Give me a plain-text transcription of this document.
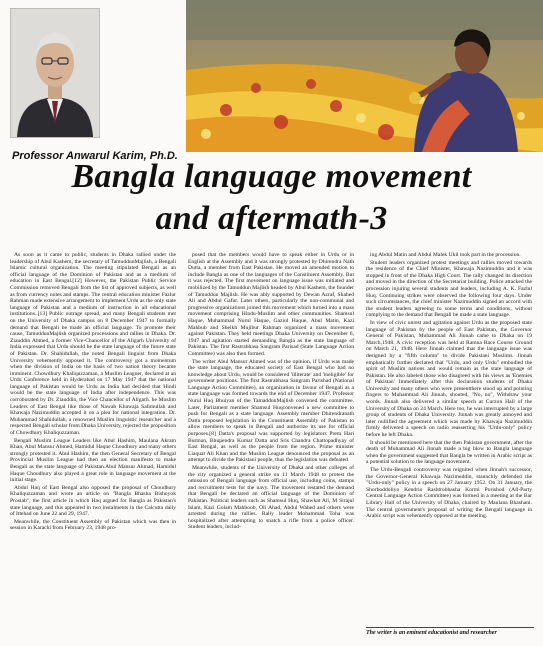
Professor Anwarul Karim, Ph.D.
Bangla language movement
and aftermath-3

As soon as it came to public, students in Dhaka rallied under the leadership of Abul Kashem, the secretary of TamuddunMajlish, a Bengali Islamic cultural organization. The meeting stipulated Bengali as an official language of the Dominion of Pakistan and as a medium of education in East Bengal.[12] However, the Pakistan Public Service Commission removed Bengali from the list of approved subjects, as well as from currency notes and stamps. The central education minister Fazlur Rahman made extensive arrangement to implement Urdu as the only state language of Pakistan and a medium of instruction in all educational institutions..[13] Public outrage spread, and many Bengali students met on the University of Dhaka campus on 8 December 1947 to formally demand that Bengali be made an official language. To promote their cause, TamuddunMajlish organized processions and rallies in Dhaka. Dr. Ziauddin Ahmed, a former Vice-Chancellor of the Aligarh University of India expressed that Urdu should be the state language of the future state of Pakistan. Dr. Shahidullah, the noted Bengali linguist from Dhaka University vehemently opposed it. The controversy got a momentum when the division of India on the basis of two nation theory became imminent. Chowdhury Khaliquzzaman, a Muslim Leaguer, declared at an Urdu Conference held in Hyderabad on 17 May 1947 that the national language of Pakistan would be Urdu as India had decided that Hindi would be the state language of India after independence. This was corroborated by Dr. Ziauddin, the Vice Chancellor of Aligarh. he Muslim Leaders of East Bengal like those of Nawab Khawaja Salimullah and Khawaja Nazimuddin accepted it on a plea for national integration. Dr. Muhammad Shahidullah, a renowned Muslim linguistic researcher and a respected Bengali scholar from Dhaka University, rejected the proposition of Chowdhury Khaliquzzaman.

Bengali Muslim League Leaders like Abul Hashim, Maulana Akram Khan, Abul Mansur Ahmed, Hamidul Haque Choudhury and many others strongly protested it. Abul Hashim, the then General Secretary of Bengal Provincial Muslim League had then an election manifesto to make Bengali as the state language of Pakistan.Abul Mansur Ahmad, Hamidul Haque Choudhury also played a great role in language movement at the initial stage.

Abdul Haq of East Bengal also opposed the proposal of Choudhury Khaliquzzaman and wrote an article on "Bangla Bhasha Bishoyok Prostab", the first article in which Haq argued for Bangla as Pakistan's state language, and this appeared in two instalments in the Calcutta daily of Ittehad on June 22 and 29, 1947.

Meanwhile, the Constituent Assembly of Pakistan which was then in session in Karachi from February 23, 1948 pro-

posed that the members would have to speak either in Urdu or in English at the Assembly and it was strongly protested by Dhirendra Nath Dutta, a member from East Pakistan. He moved an amended motion to include Bangla as one of the languages of the Constituent Assembly. But it was rejected. The first movement on language issue was initiated and mobilized by the Tamuddun Majlish headed by Abul Kashem, the founder of Tamuddun Majlish. He was ably supported by Dewan Azraf, Shahed Ali and Abdul Gafur. Later others, particularly the non-communal and progressive organizations joined this movement which turned into a mass movement comprising Hindu-Muslim and other communities. Shamsul Haque, Muhammad Nurul Haque, Gaziul Haque, Abul Matin, Kazi Mahbub and Sheikh Mujibur Rahman organized a mass movement against Pakistan. They held meetings Dhaka University on December 6, 1947 and agitation started demanding Bangla as the state language of Pakistan. The first Rastrabhasa Sangram Parisad (State Language Action Committee) was also then formed.

The writer Abul Mansur Ahmed was of the opinion, if Urdu was made the state language, the educated society of East Bengal who had no knowledge about Urdu, would be considered 'illiterate' and 'ineligible' for government positions. The first Rastrabhasa Sangram Parishad (National Language Action Committee), an organization in favour of Bengali as a state language was formed towards the end of December 1947. Professor Nurul Huq Bhuiyan of the TamaddunMajlish convened the committee. Later, Parliament member Shamsul Huqconvened a new committee to push for Bengali as a state language. Assembly member Dhirendranath Datta proposed legislation in the Constituent Assembly of Pakistan to allow members to speak in Bengali and authorize its use for official purposes.[8] Datta's proposal was supported by legislators Prem Hari Burman, Bhupendra Kumar Datta and Sris Chandra Chattopadhyay of East Bengal, as well as the people from the region. Prime minister Liaquat Ali Khan and the Muslim League denounced the proposal as an attempt to divide the Pakistani people, thus the legislation was defeated

Meanwhile, students of the University of Dhaka and other colleges of the city organized a general strike on 11 March 1948 to protest the omission of Bengali language from official use, including coins, stamps and recruitment tests for the navy. The movement restated the demand that Bengali be declared an official language of the Dominion of Pakistan. Political leaders such as Shamsul Huq, Shawkat Ali, M Sirajul Islam, Kazi Golam Mahboob, Oli Ahad, Abdul Wahed and others were arrested during the rallies. Rally leader Mohammad Toha was hospitalized after attempting to snatch a rifle from a police officer. Student leaders, includ-

ing Abdul Matin and Abdul Malek Ukil took part in the procession.

Student leaders organized protest meetings and rallies moved towards the residence of the Chief Minister, Khawaja Nazimuddin and it was stopped in front of the Dhaka High Court. The rally changed its direction and moved in the direction of the Secretariat building. Police attacked the procession injuring several students and leaders, including A. K. Fazlul Huq. Continuing strikes were observed the following four days. Under such circumstances, the chief minister Nazimuddin signed an accord with the student leaders agreeing to some terms and conditions, without complying to the demand that Bengali be made a state language.

In view of civic unrest and agitation against Urdu as the proposed state language of Pakistan by the people of East Pakistan, the Governor General of Pakistan, Muhammad Ali Jinnah came to Dhaka on 19 March,1948. A civic reception was held at Ramna Race Course Ground on March 21, 1948. Here Jinnah claimed that the language issue was designed by a "fifth column" to divide Pakistani Muslims. Jinnah emphatically further declared that "Urdu, and only Urdu" embodied the spirit of Muslim nations and would remain as the state language of Pakistan. He also labeled those who disagreed with his views as 'Enemies of Pakistan' Immediately after this declaration students of Dhaka University and many others who were presentthere stood up and pointing fingers to Muhammad Ali Jinnah, shouted, "No, no", Withdraw your words. Jinnah also delivered a similar speech at Curzon Hall of the University of Dhaka on 24 March. Here too, he was interrupted by a large group of students of Dhaka University. Jinnah was greatly annoyed and later nullified the agreement which was made by Khawaja Nazimuddin firmly delivered a speech on radio reasserting his "Urdu-only" policy before he left Dhaka.

It should be mentioned here that the then Pakistan government, after the death of Muhammad Ali Jinnah made a big blow to Bangla language when the government suggested that Bangla be written in Arabic script as a potential solution to the language movement.

The Urdu-Bengali controversy was reignited when Jinnah's successor, the Governor-General Khawaja Nazimuddin, staunchly defended the "Urdu-only" policy in a speech on 27 January 1952. On 31 January, the Shorboddoliyo Kendrio Rashtrobhasha Kormi Porishod (All-Party Central Language Action Committee) was formed in a meeting at the Bar Library Hall of the University of Dhaka, chaired by Maulana Bhashani. The central government's proposal of writing the Bengali language in Arabic script was vehemently opposed at the meeting.

The writer is an eminent educationist and researcher
